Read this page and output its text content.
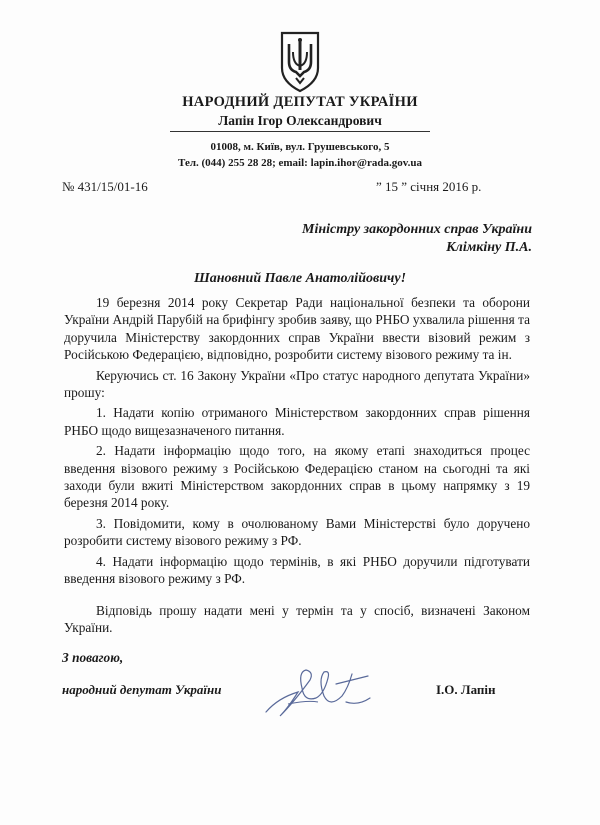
НАРОДНИЙ ДЕПУТАТ УКРАЇНИ
Лапін Ігор Олександрович
01008, м. Київ, вул. Грушевського, 5
Тел. (044) 255 28 28; email: lapin.ihor@rada.gov.ua
№ 431/15/01-16	” 15 ” січня 2016 р.
Міністру закордонних справ України
Клімкіну П.А.
Шановний Павле Анатолійовичу!

19 березня 2014 року Секретар Ради національної безпеки та оборони України Андрій Парубій на брифінгу зробив заяву, що РНБО ухвалила рішення та доручила Міністерству закордонних справ України ввести візовий режим з Російською Федерацією, відповідно, розробити систему візового режиму та ін.

Керуючись ст. 16 Закону України «Про статус народного депутата України» прошу:

1. Надати копію отриманого Міністерством закордонних справ рішення РНБО щодо вищезазначеного питання.

2. Надати інформацію щодо того, на якому етапі знаходиться процес введення візового режиму з Російською Федерацією станом на сьогодні та які заходи були вжиті Міністерством закордонних справ в цьому напрямку з 19 березня 2014 року.

3. Повідомити, кому в очолюваному Вами Міністерстві було доручено розробити систему візового режиму з РФ.

4. Надати інформацію щодо термінів, в які РНБО доручили підготувати введення візового режиму з РФ.

Відповідь прошу надати мені у термін та у спосіб, визначені Законом України.

З повагою,
народний депутат України	І.О. Лапін
